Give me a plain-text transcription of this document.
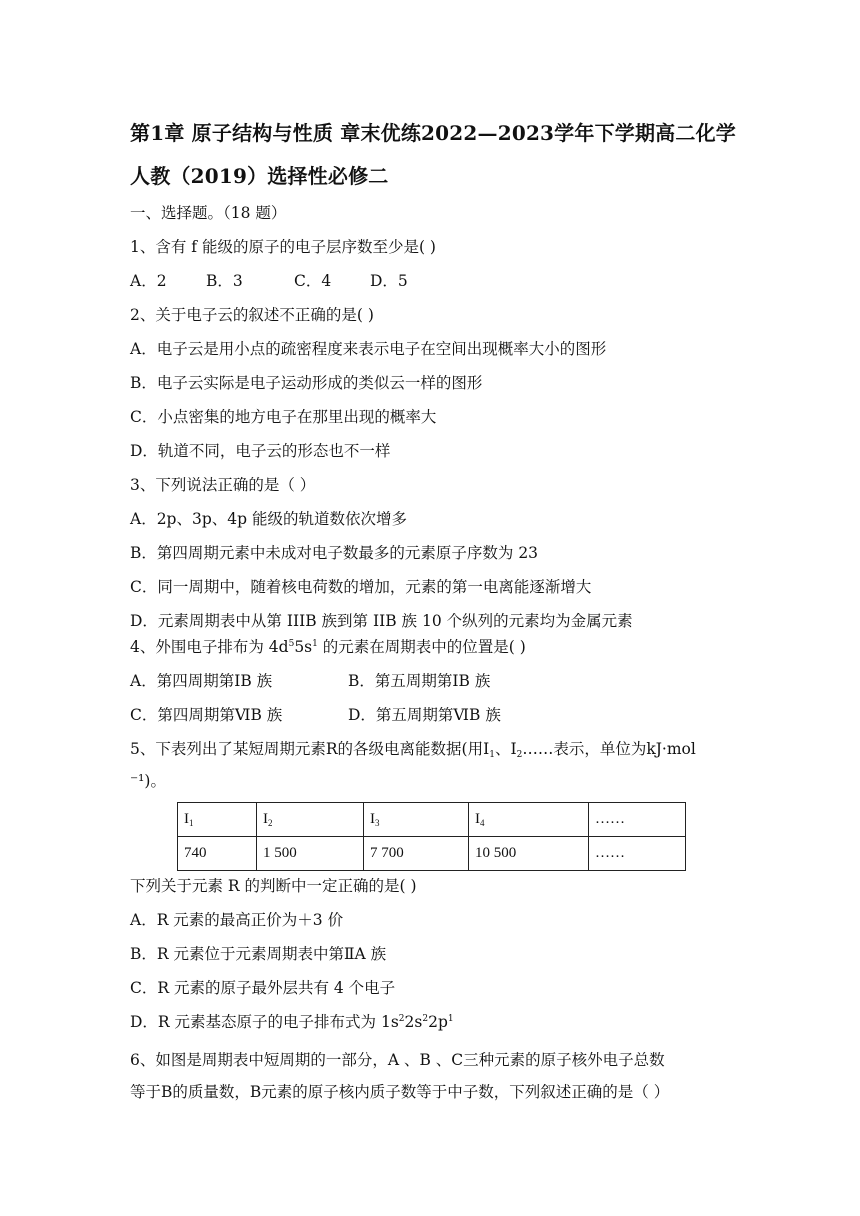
第1章 原子结构与性质 章末优练2022—2023学年下学期高二化学
人教（2019）选择性必修二
一、选择题。（18 题）
1、含有 f 能级的原子的电子层序数至少是( )
A．2	B．3	C．4	D．5
2、关于电子云的叙述不正确的是( )
A．电子云是用小点的疏密程度来表示电子在空间出现概率大小的图形
B．电子云实际是电子运动形成的类似云一样的图形
C．小点密集的地方电子在那里出现的概率大
D．轨道不同，电子云的形态也不一样
3、下列说法正确的是（ ）
A．2p、3p、4p 能级的轨道数依次增多
B．第四周期元素中未成对电子数最多的元素原子序数为 23
C．同一周期中，随着核电荷数的增加，元素的第一电离能逐渐增大
D．元素周期表中从第 IIIB 族到第 IIB 族 10 个纵列的元素均为金属元素
4、外围电子排布为 $4d^55s^1$ 的元素在周期表中的位置是( )
A．第四周期第ⅠB 族	B．第五周期第ⅠB 族
C．第四周期第ⅥB 族	D．第五周期第ⅥB 族
5、下表列出了某短周期元素R的各级电离能数据(用$I_1$、$I_2\dots\dots$表示，单位为kJ·mol
⁻¹)。
$I_1$	$I_2$	$I_3$	$I_4$	……
740	1 500	7 700	10 500	……
下列关于元素 R 的判断中一定正确的是( )
A．R 元素的最高正价为＋3 价
B．R 元素位于元素周期表中第ⅡA 族
C．R 元素的原子最外层共有 4 个电子
D．R 元素基态原子的电子排布式为 $1s^22s^22p^1$
6、如图是周期表中短周期的一部分，A 、B 、C三种元素的原子核外电子总数
等于B的质量数，B元素的原子核内质子数等于中子数，下列叙述正确的是（ ）
